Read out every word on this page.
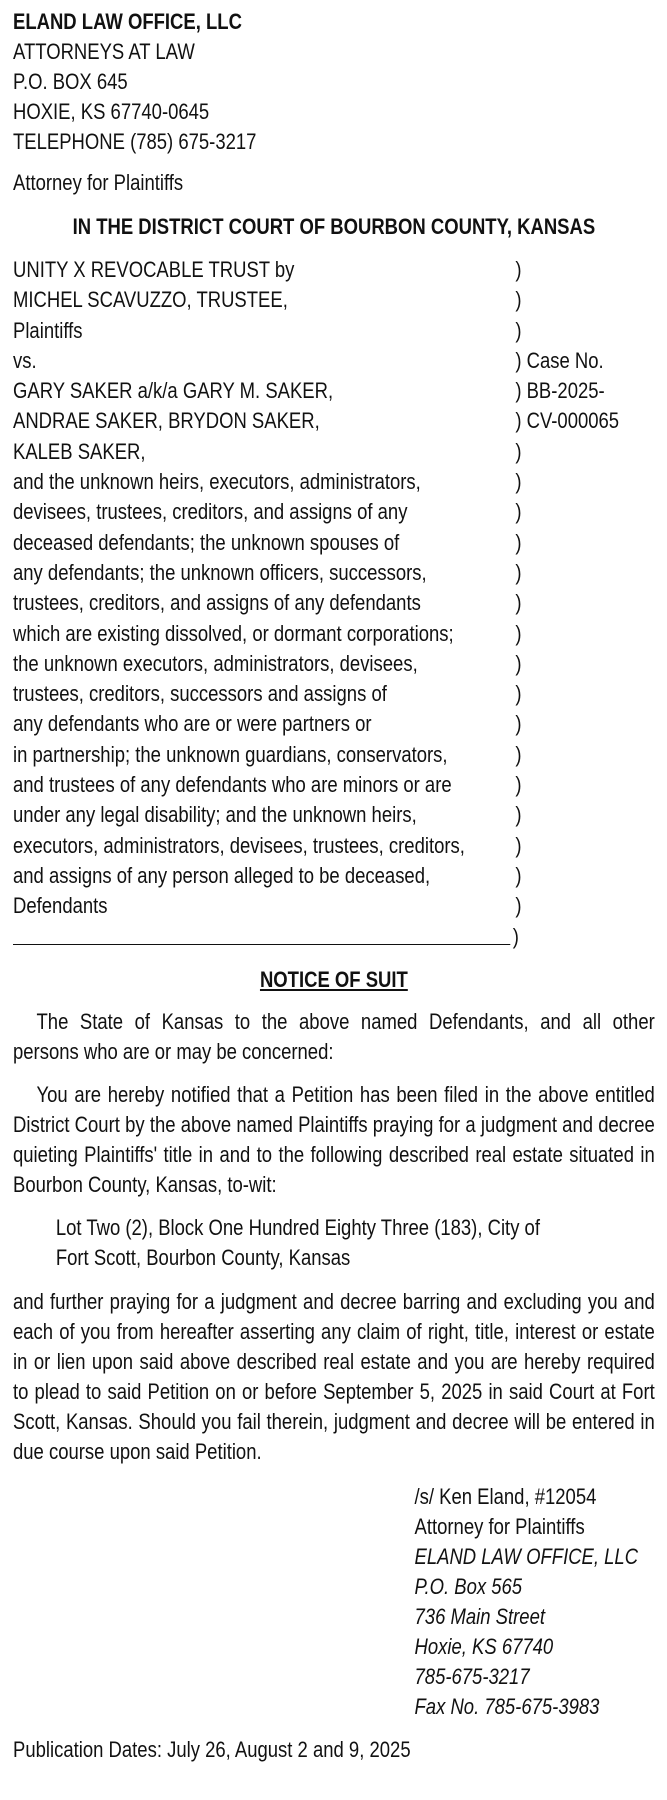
ELAND LAW OFFICE, LLC
ATTORNEYS AT LAW
P.O. BOX 645
HOXIE, KS 67740-0645
TELEPHONE (785) 675-3217
Attorney for Plaintiffs
IN THE DISTRICT COURT OF BOURBON COUNTY, KANSAS
UNITY X REVOCABLE TRUST by	)
MICHEL SCAVUZZO, TRUSTEE,	)
Plaintiffs	)
vs.	) Case No.
GARY SAKER a/k/a GARY M. SAKER,	) BB-2025-
ANDRAE SAKER, BRYDON SAKER,	) CV-000065
KALEB SAKER,	)
and the unknown heirs, executors, administrators,	)
devisees, trustees, creditors, and assigns of any	)
deceased defendants; the unknown spouses of	)
any defendants; the unknown officers, successors,	)
trustees, creditors, and assigns of any defendants	)
which are existing dissolved, or dormant corporations;	)
the unknown executors, administrators, devisees,	)
trustees, creditors, successors and assigns of	)
any defendants who are or were partners or	)
in partnership; the unknown guardians, conservators,	)
and trustees of any defendants who are minors or are	)
under any legal disability; and the unknown heirs,	)
executors, administrators, devisees, trustees, creditors, )
and assigns of any person alleged to be deceased,	)
Defendants	)
)
NOTICE OF SUIT

The State of Kansas to the above named Defendants, and all other persons who are or may be concerned:

You are hereby notified that a Petition has been filed in the above entitled District Court by the above named Plaintiffs praying for a judgment and decree quieting Plaintiffs' title in and to the following described real estate situated in Bourbon County, Kansas, to-wit:

Lot Two (2), Block One Hundred Eighty Three (183), City of
Fort Scott, Bourbon County, Kansas

and further praying for a judgment and decree barring and excluding you and each of you from hereafter asserting any claim of right, title, interest or estate in or lien upon said above described real estate and you are hereby required to plead to said Petition on or before September 5, 2025 in said Court at Fort Scott, Kansas. Should you fail therein, judgment and decree will be entered in due course upon said Petition.

/s/ Ken Eland, #12054
Attorney for Plaintiffs
ELAND LAW OFFICE, LLC
P.O. Box 565
736 Main Street
Hoxie, KS 67740
785-675-3217
Fax No. 785-675-3983
Publication Dates: July 26, August 2 and 9, 2025
